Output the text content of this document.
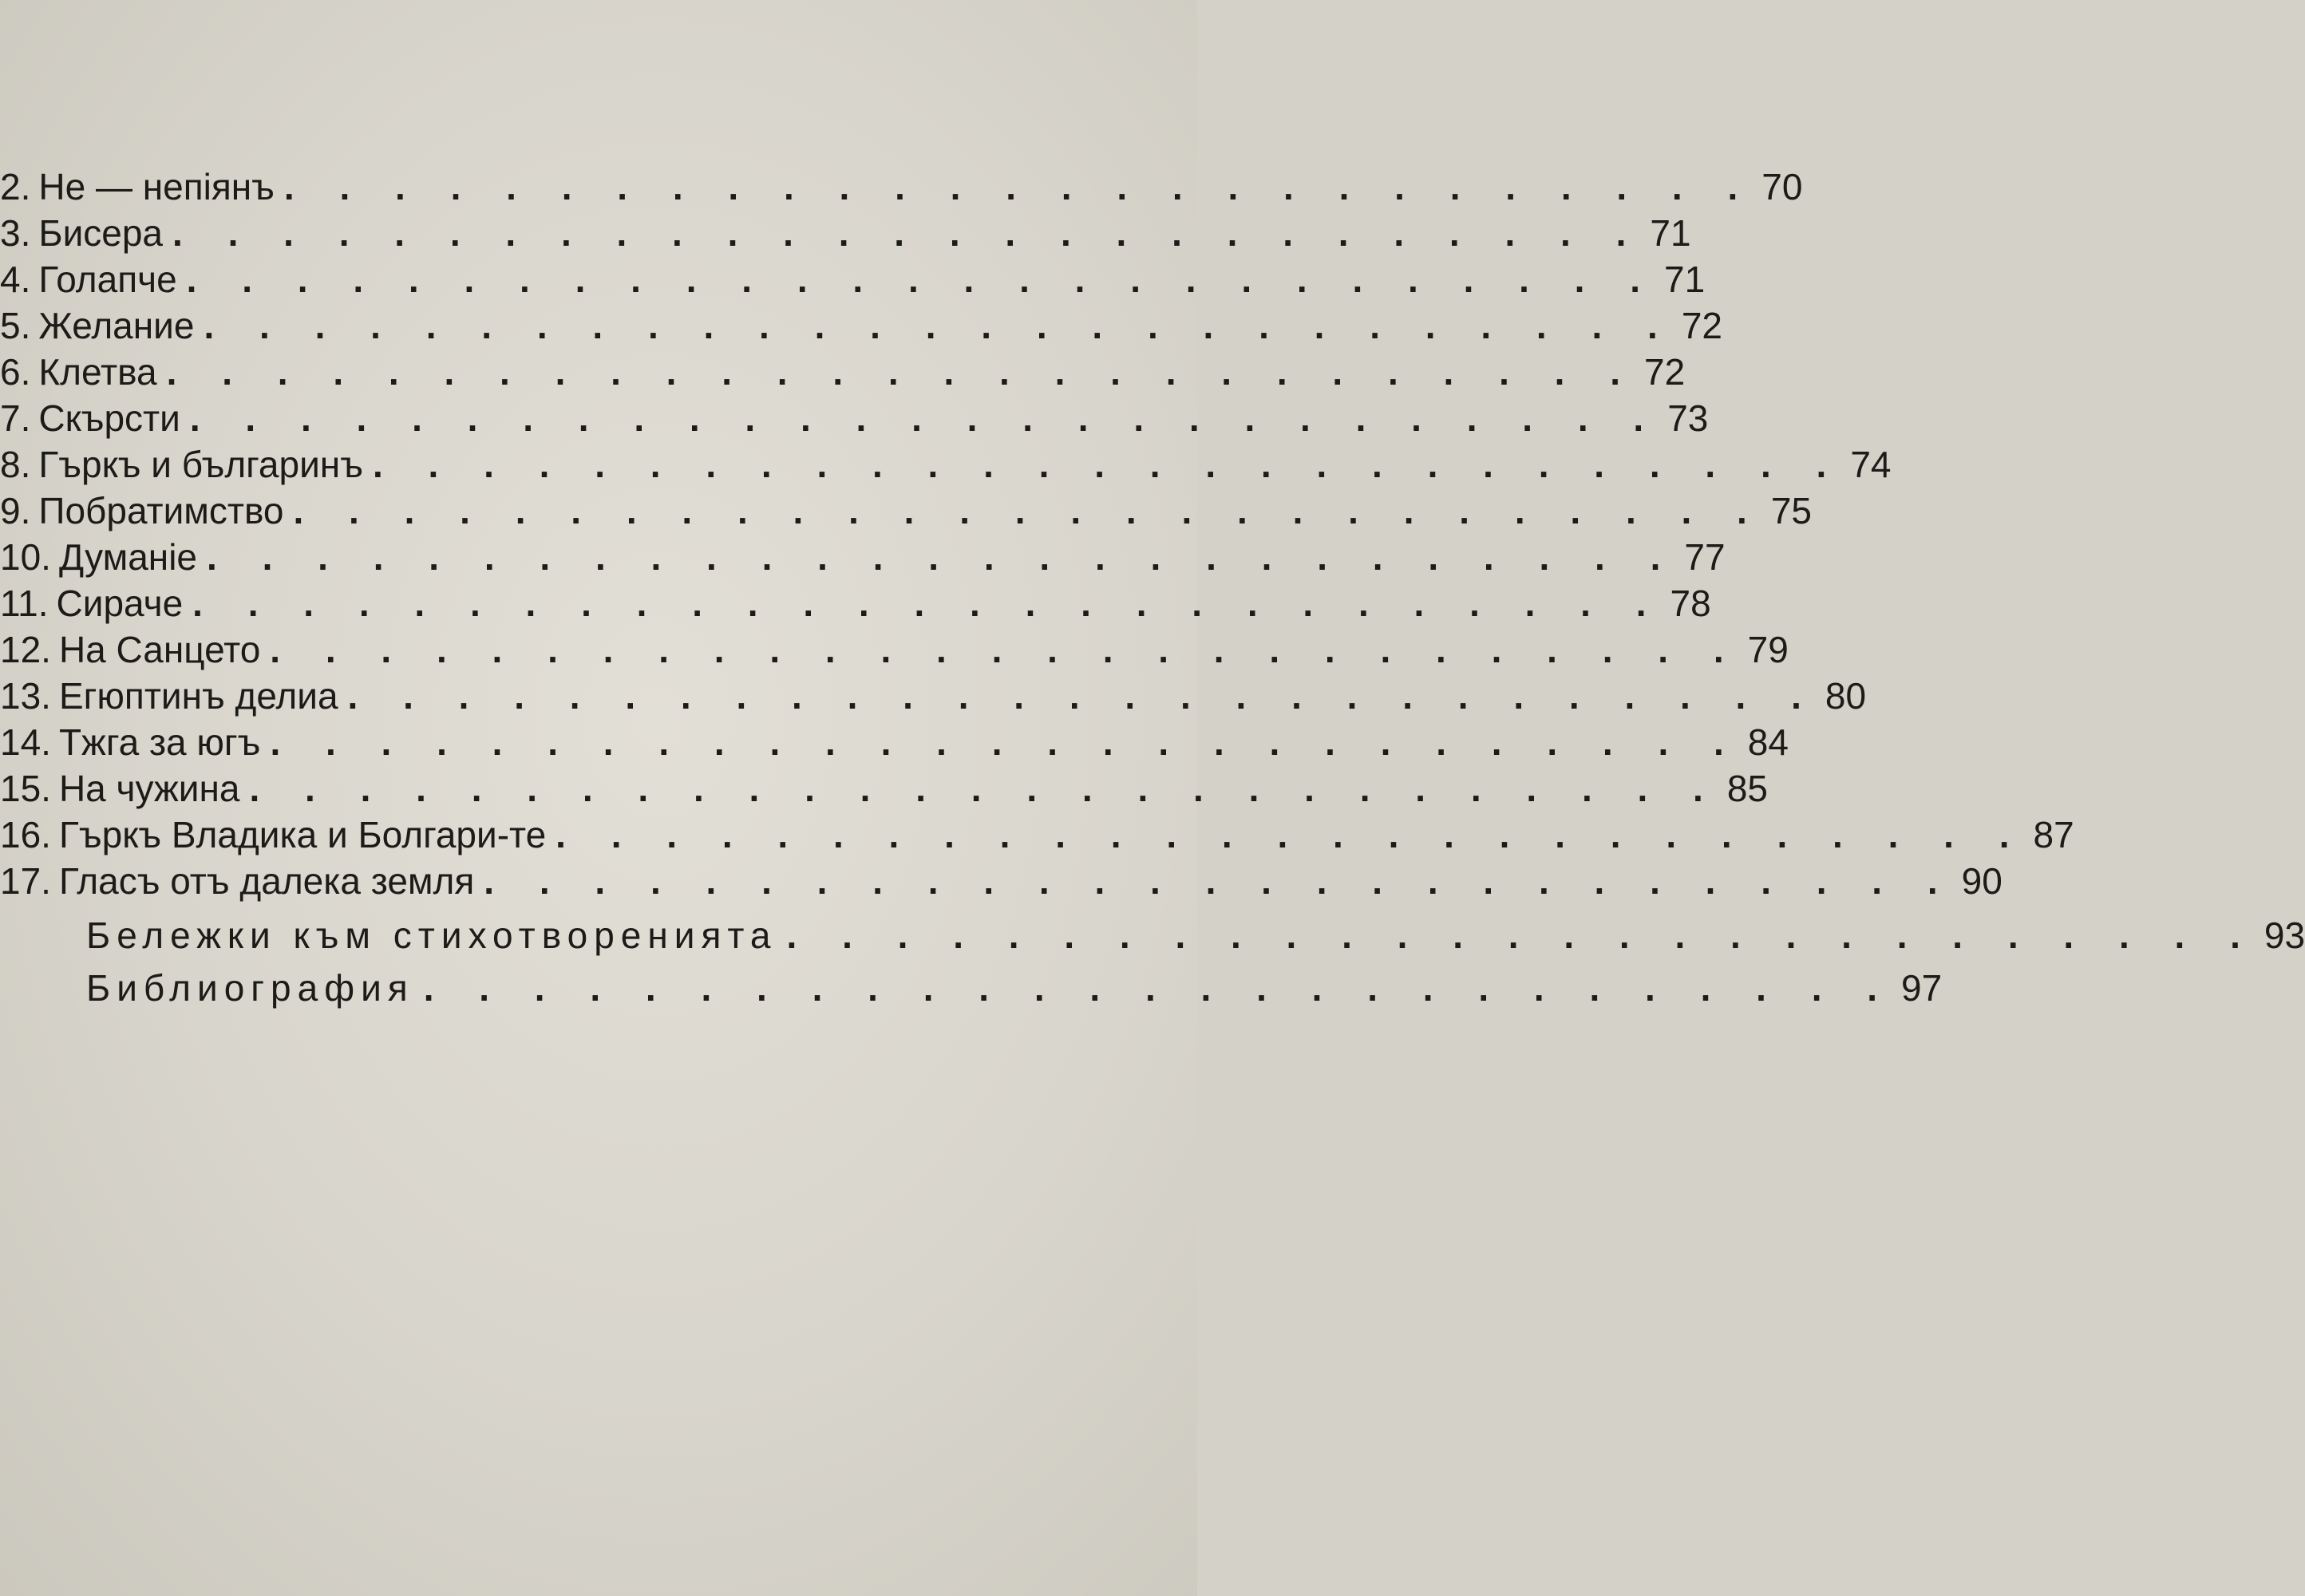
2. Не — непiянъ . . . . . . . . . . . . . . . . . . . . . . . . . . . 70
3. Бисера . . . . . . . . . . . . . . . . . . . . . . . . . . . 71
4. Голапче . . . . . . . . . . . . . . . . . . . . . . . . . . . 71
5. Желание . . . . . . . . . . . . . . . . . . . . . . . . . . . 72
6. Клетва . . . . . . . . . . . . . . . . . . . . . . . . . . . 72
7. Скърсти . . . . . . . . . . . . . . . . . . . . . . . . . . . 73
8. Гъркъ и българинъ . . . . . . . . . . . . . . . . . . . . . . . . . . . 74
9. Побратимство . . . . . . . . . . . . . . . . . . . . . . . . . . . 75
10. Думанiе . . . . . . . . . . . . . . . . . . . . . . . . . . . 77
11. Сираче . . . . . . . . . . . . . . . . . . . . . . . . . . . 78
12. На Санцето . . . . . . . . . . . . . . . . . . . . . . . . . . . 79
13. Егюптинъ делиа . . . . . . . . . . . . . . . . . . . . . . . . . . . 80
14. Тжга за югъ . . . . . . . . . . . . . . . . . . . . . . . . . . . 84
15. На чужина . . . . . . . . . . . . . . . . . . . . . . . . . . . 85
16. Гъркъ Владика и Болгари-те . . . . . . . . . . . . . . . . . . . . . . . . . . . 87
17. Гласъ отъ далека земля . . . . . . . . . . . . . . . . . . . . . . . . . . . 90
Бележки към стихотворенията . . . . . . . . . . . . . . . . . . . . . . . . . . . 93
Библиография . . . . . . . . . . . . . . . . . . . . . . . . . . . 97
